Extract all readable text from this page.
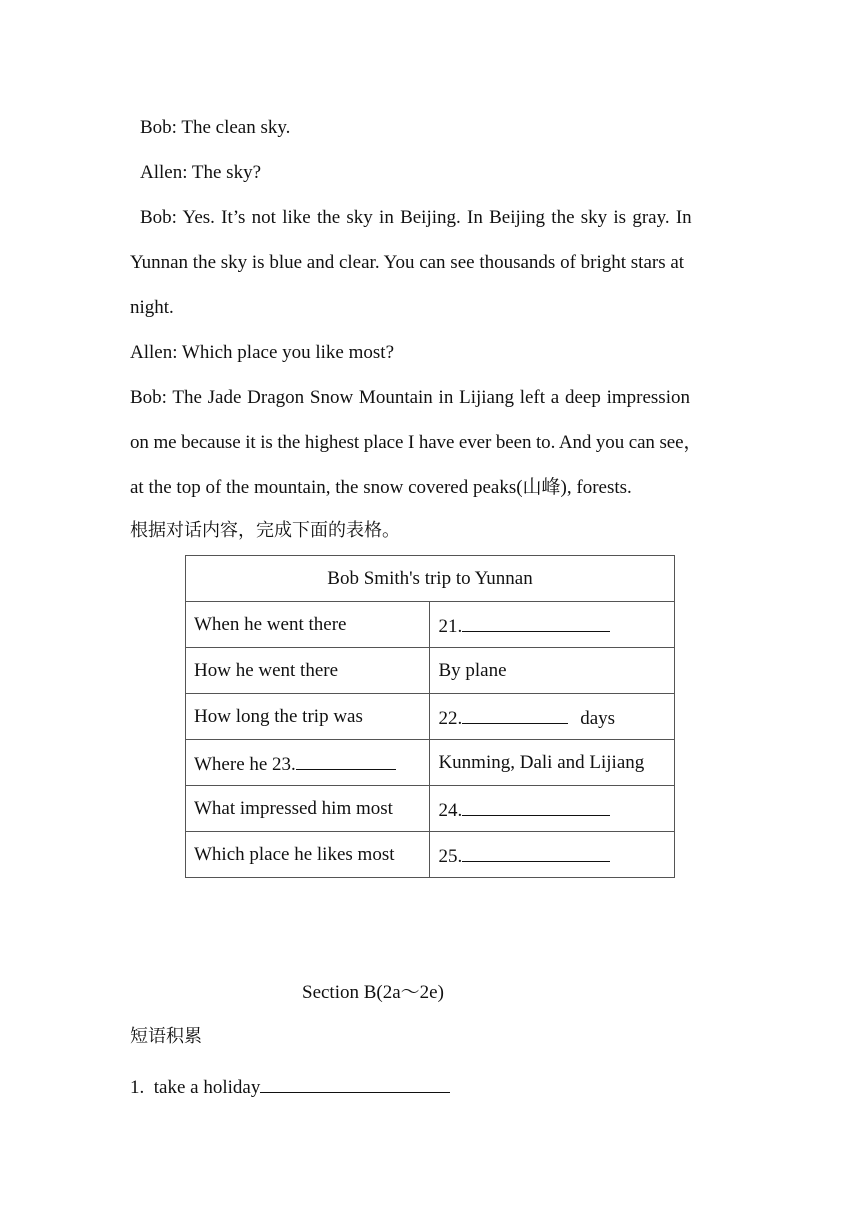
Bob: The clean sky.
Allen: The sky?
Bob: Yes. It’s not like the sky in Beijing. In Beijing the sky is gray. In
Yunnan the sky is blue and clear. You can see thousands of bright stars at
night.
Allen: Which place you like most?
Bob: The Jade Dragon Snow Mountain in Lijiang left a deep impression
on me because it is the highest place I have ever been to. And you can see，
at the top of the mountain, the snow covered peaks(山峰), forests.
根据对话内容，完成下面的表格。
Bob Smith's trip to Yunnan	
When he went there	21.
How he went there	By plane
How long the trip was	22. days
Where he 23.	Kunming, Dali and Lijiang
What impressed him most	24.
Which place he likes most	25.
Section B(2a～2e)
短语积累
1.  take a holiday
